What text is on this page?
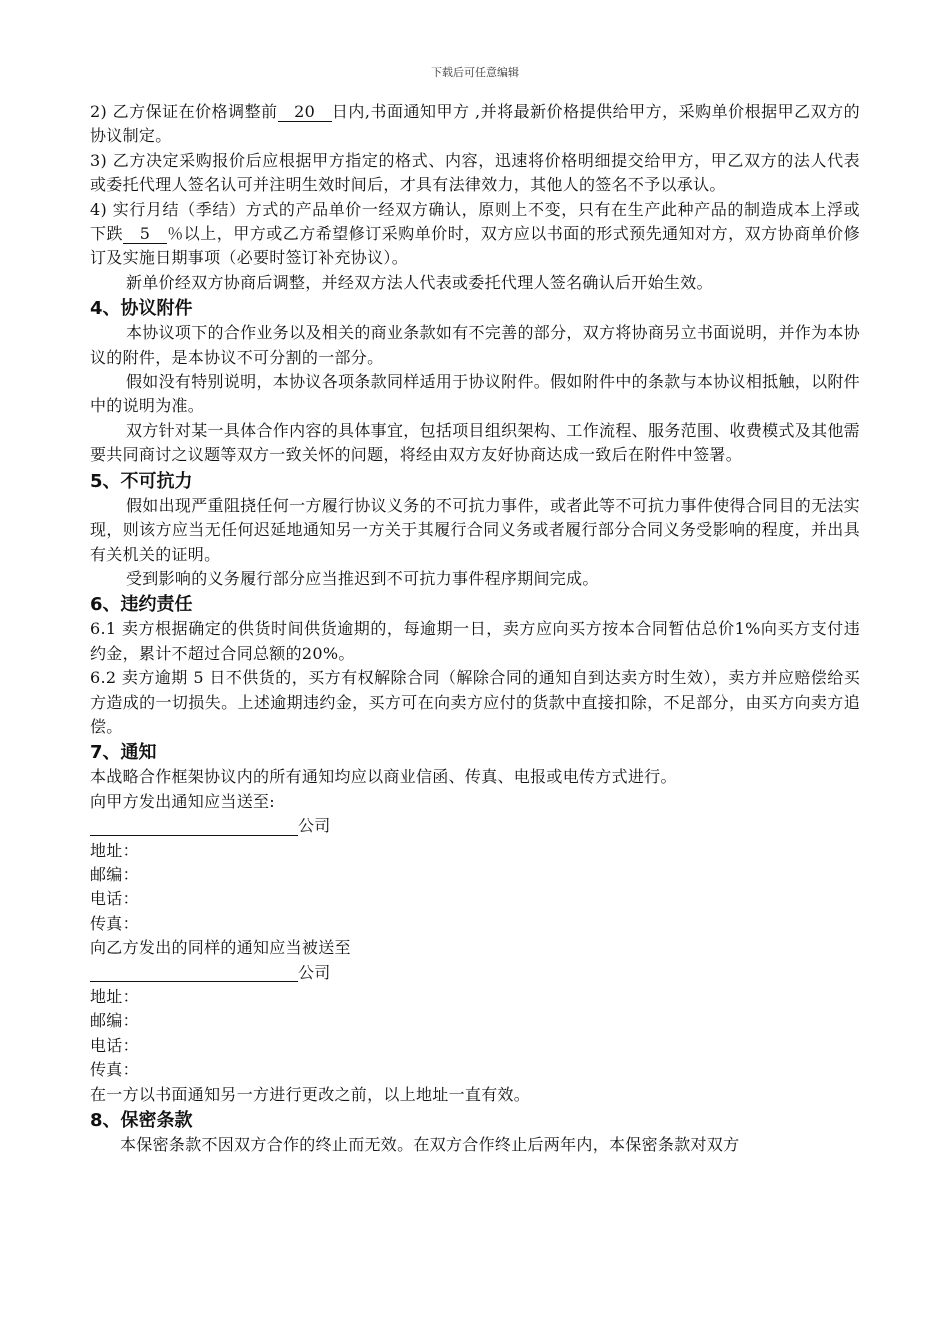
下载后可任意编辑

2) 乙方保证在价格调整前 20 日内,书面通知甲方 ,并将最新价格提供给甲方，采购单价根据甲乙双方的协议制定。

3) 乙方决定采购报价后应根据甲方指定的格式、内容，迅速将价格明细提交给甲方，甲乙双方的法人代表或委托代理人签名认可并注明生效时间后，才具有法律效力，其他人的签名不予以承认。

4) 实行月结（季结）方式的产品单价一经双方确认，原则上不变，只有在生产此种产品的制造成本上浮或下跌 5 ％以上，甲方或乙方希望修订采购单价时，双方应以书面的形式预先通知对方，双方协商单价修订及实施日期事项（必要时签订补充协议）。

新单价经双方协商后调整，并经双方法人代表或委托代理人签名确认后开始生效。

4、协议附件

本协议项下的合作业务以及相关的商业条款如有不完善的部分，双方将协商另立书面说明，并作为本协议的附件，是本协议不可分割的一部分。

假如没有特别说明，本协议各项条款同样适用于协议附件。假如附件中的条款与本协议相抵触，以附件中的说明为准。

双方针对某一具体合作内容的具体事宜，包括项目组织架构、工作流程、服务范围、收费模式及其他需要共同商讨之议题等双方一致关怀的问题，将经由双方友好协商达成一致后在附件中签署。

5、不可抗力

假如出现严重阻挠任何一方履行协议义务的不可抗力事件，或者此等不可抗力事件使得合同目的无法实现，则该方应当无任何迟延地通知另一方关于其履行合同义务或者履行部分合同义务受影响的程度，并出具有关机关的证明。

受到影响的义务履行部分应当推迟到不可抗力事件程序期间完成。

6、违约责任

6.1 卖方根据确定的供货时间供货逾期的，每逾期一日，卖方应向买方按本合同暂估总价1%向买方支付违约金，累计不超过合同总额的20%。

6.2 卖方逾期 5 日不供货的，买方有权解除合同（解除合同的通知自到达卖方时生效），卖方并应赔偿给买方造成的一切损失。上述逾期违约金，买方可在向卖方应付的货款中直接扣除，不足部分，由买方向卖方追偿。

7、通知

本战略合作框架协议内的所有通知均应以商业信函、传真、电报或电传方式进行。

向甲方发出通知应当送至:

公司

地址：

邮编：

电话：

传真：

向乙方发出的同样的通知应当被送至

公司

地址：

邮编：

电话：

传真：

在一方以书面通知另一方进行更改之前，以上地址一直有效。

8、保密条款

本保密条款不因双方合作的终止而无效。在双方合作终止后两年内，本保密条款对双方
